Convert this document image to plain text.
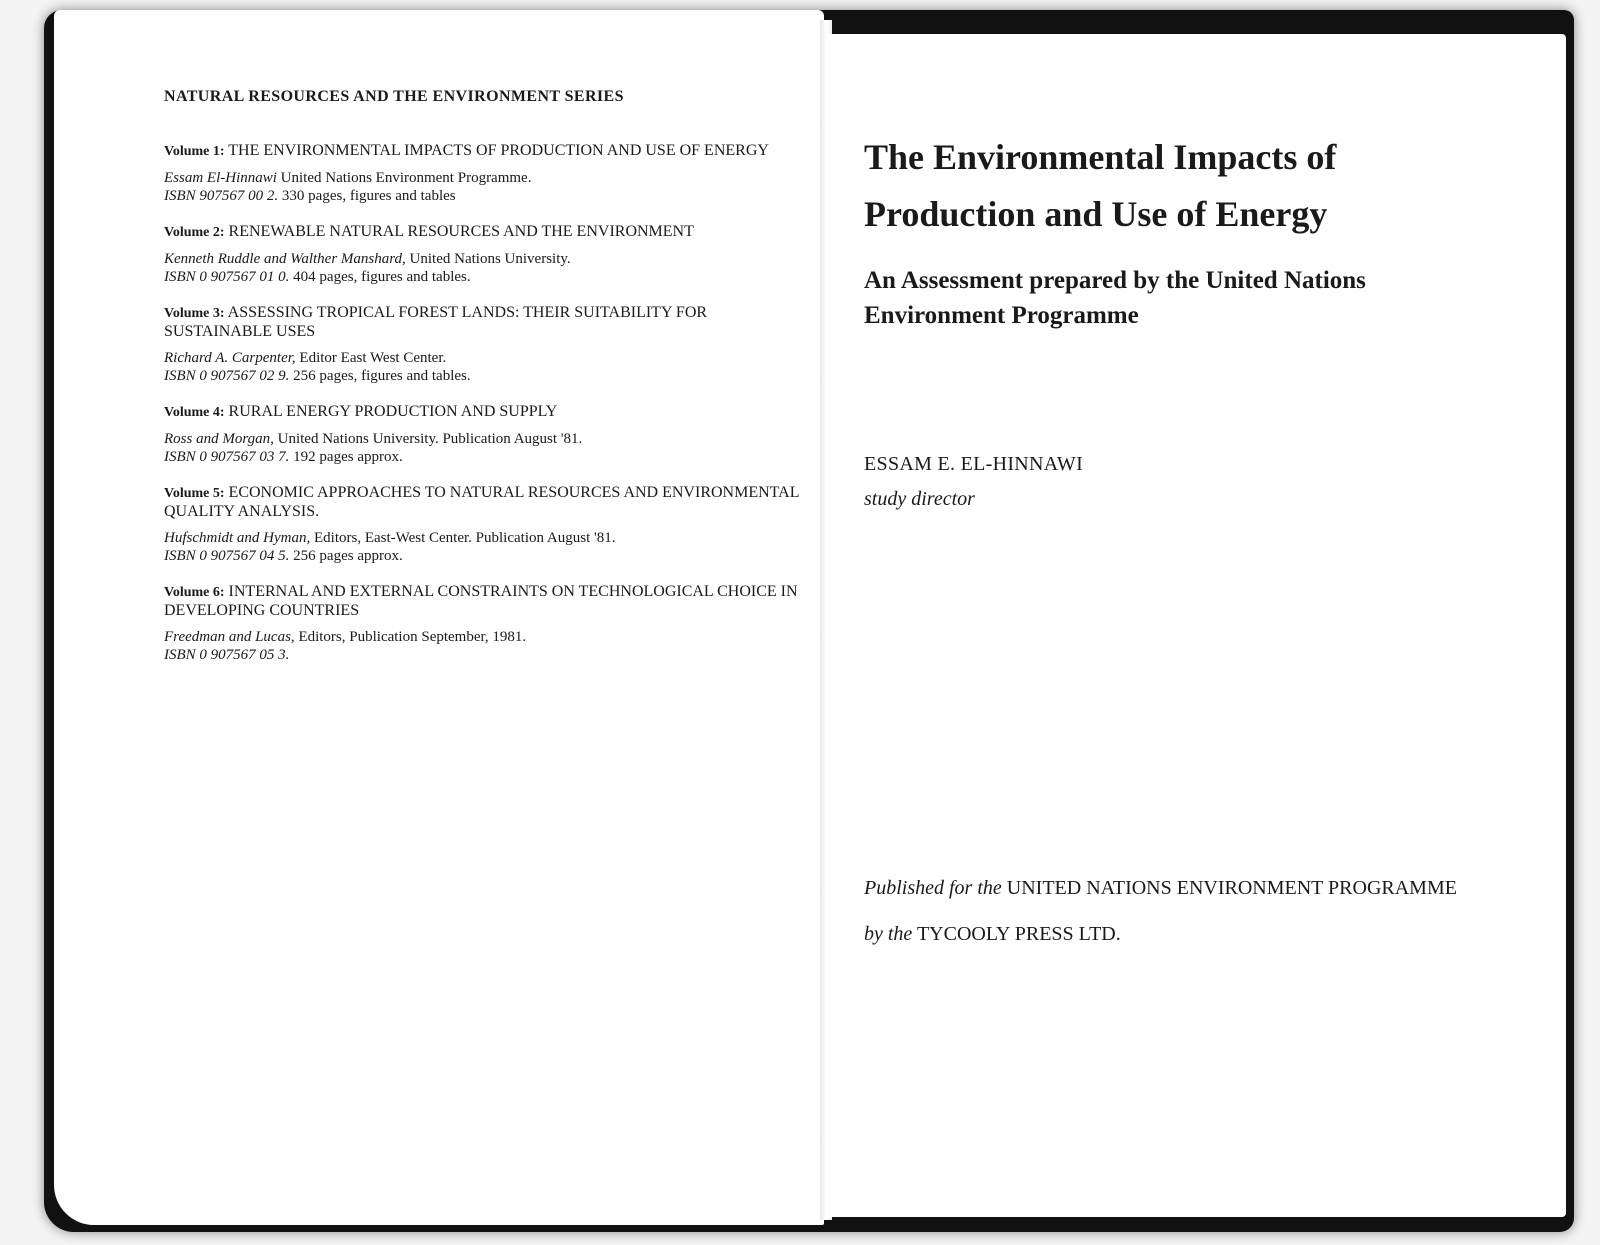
NATURAL RESOURCES AND THE ENVIRONMENT SERIES
Volume 1: THE ENVIRONMENTAL IMPACTS OF PRODUCTION AND USE OF ENERGY
Essam El-Hinnawi United Nations Environment Programme.
ISBN 907567 00 2. 330 pages, figures and tables
Volume 2: RENEWABLE NATURAL RESOURCES AND THE ENVIRONMENT
Kenneth Ruddle and Walther Manshard, United Nations University.
ISBN 0 907567 01 0. 404 pages, figures and tables.
Volume 3: ASSESSING TROPICAL FOREST LANDS: THEIR SUITABILITY FOR SUSTAINABLE USES
Richard A. Carpenter, Editor East West Center.
ISBN 0 907567 02 9. 256 pages, figures and tables.
Volume 4: RURAL ENERGY PRODUCTION AND SUPPLY
Ross and Morgan, United Nations University. Publication August '81.
ISBN 0 907567 03 7. 192 pages approx.
Volume 5: ECONOMIC APPROACHES TO NATURAL RESOURCES AND ENVIRONMENTAL QUALITY ANALYSIS.
Hufschmidt and Hyman, Editors, East-West Center. Publication August '81.
ISBN 0 907567 04 5. 256 pages approx.
Volume 6: INTERNAL AND EXTERNAL CONSTRAINTS ON TECHNOLOGICAL CHOICE IN DEVELOPING COUNTRIES
Freedman and Lucas, Editors, Publication September, 1981.
ISBN 0 907567 05 3.
The Environmental Impacts of
Production and Use of Energy
An Assessment prepared by the United Nations
Environment Programme
ESSAM E. EL-HINNAWI
study director
Published for the UNITED NATIONS ENVIRONMENT PROGRAMME
by the TYCOOLY PRESS LTD.
